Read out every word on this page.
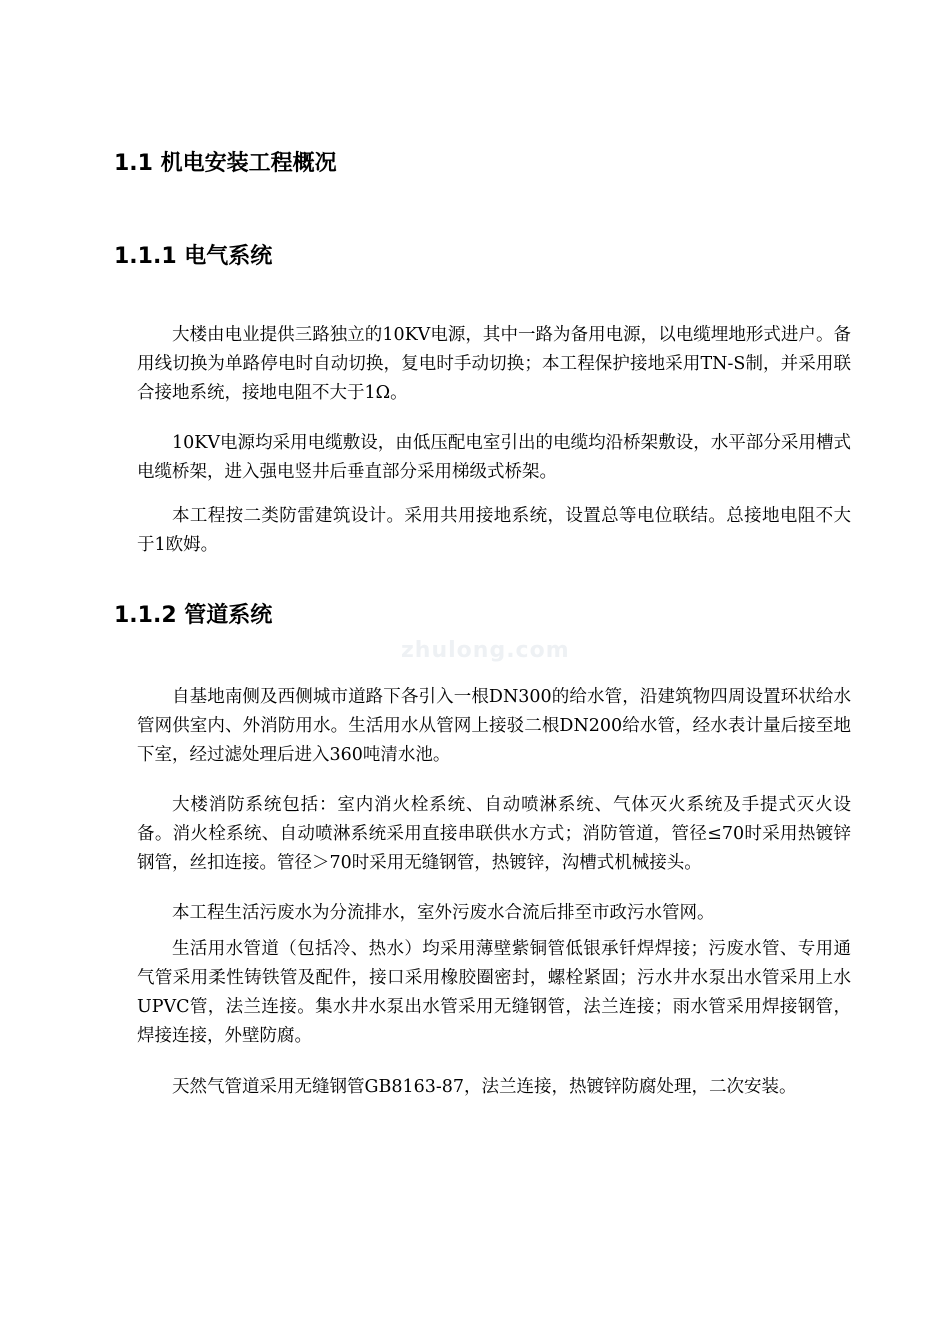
zhulong.com
1.1 机电安装工程概况
1.1.1 电气系统

大楼由电业提供三路独立的10KV电源，其中一路为备用电源，以电缆埋地形式进户。备用线切换为单路停电时自动切换，复电时手动切换；本工程保护接地采用TN-S制，并采用联合接地系统，接地电阻不大于1Ω。

10KV电源均采用电缆敷设，由低压配电室引出的电缆均沿桥架敷设，水平部分采用槽式电缆桥架，进入强电竖井后垂直部分采用梯级式桥架。

本工程按二类防雷建筑设计。采用共用接地系统，设置总等电位联结。总接地电阻不大于1欧姆。

1.1.2 管道系统

自基地南侧及西侧城市道路下各引入一根DN300的给水管，沿建筑物四周设置环状给水管网供室内、外消防用水。生活用水从管网上接驳二根DN200给水管，经水表计量后接至地下室，经过滤处理后进入360吨清水池。

大楼消防系统包括：室内消火栓系统、自动喷淋系统、气体灭火系统及手提式灭火设备。消火栓系统、自动喷淋系统采用直接串联供水方式；消防管道，管径≤70时采用热镀锌钢管，丝扣连接。管径＞70时采用无缝钢管，热镀锌，沟槽式机械接头。

本工程生活污废水为分流排水，室外污废水合流后排至市政污水管网。

生活用水管道（包括冷、热水）均采用薄壁紫铜管低银承钎焊焊接；污废水管、专用通气管采用柔性铸铁管及配件，接口采用橡胶圈密封，螺栓紧固；污水井水泵出水管采用上水UPVC管，法兰连接。集水井水泵出水管采用无缝钢管，法兰连接；雨水管采用焊接钢管，焊接连接，外壁防腐。

天然气管道采用无缝钢管GB8163-87，法兰连接，热镀锌防腐处理，二次安装。
